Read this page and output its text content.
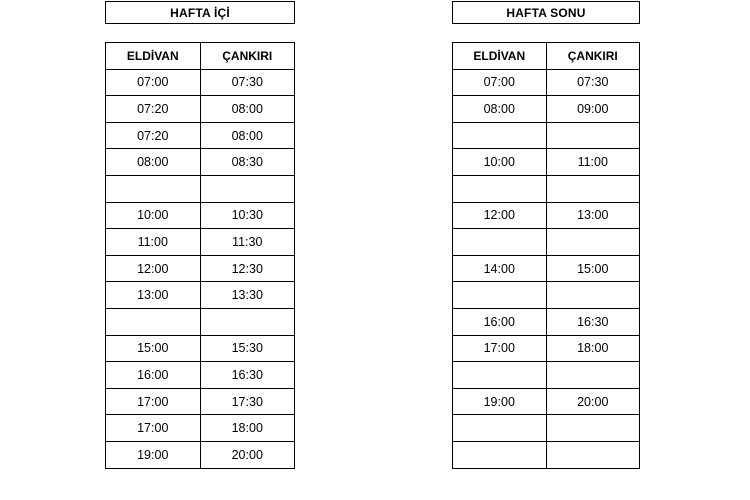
HAFTA İÇİ	HAFTA SONU
ELDİVAN	ÇANKIRI
07:00	07:30
07:20	08:00
07:20	08:00
08:00	08:30

10:00	10:30
11:00	11:30
12:00	12:30
13:00	13:30

15:00	15:30
16:00	16:30
17:00	17:30
17:00	18:00
19:00	20:00
ELDİVAN	ÇANKIRI
07:00	07:30
08:00	09:00

10:00	11:00

12:00	13:00

14:00	15:00

16:00	16:30
17:00	18:00

19:00	20:00
